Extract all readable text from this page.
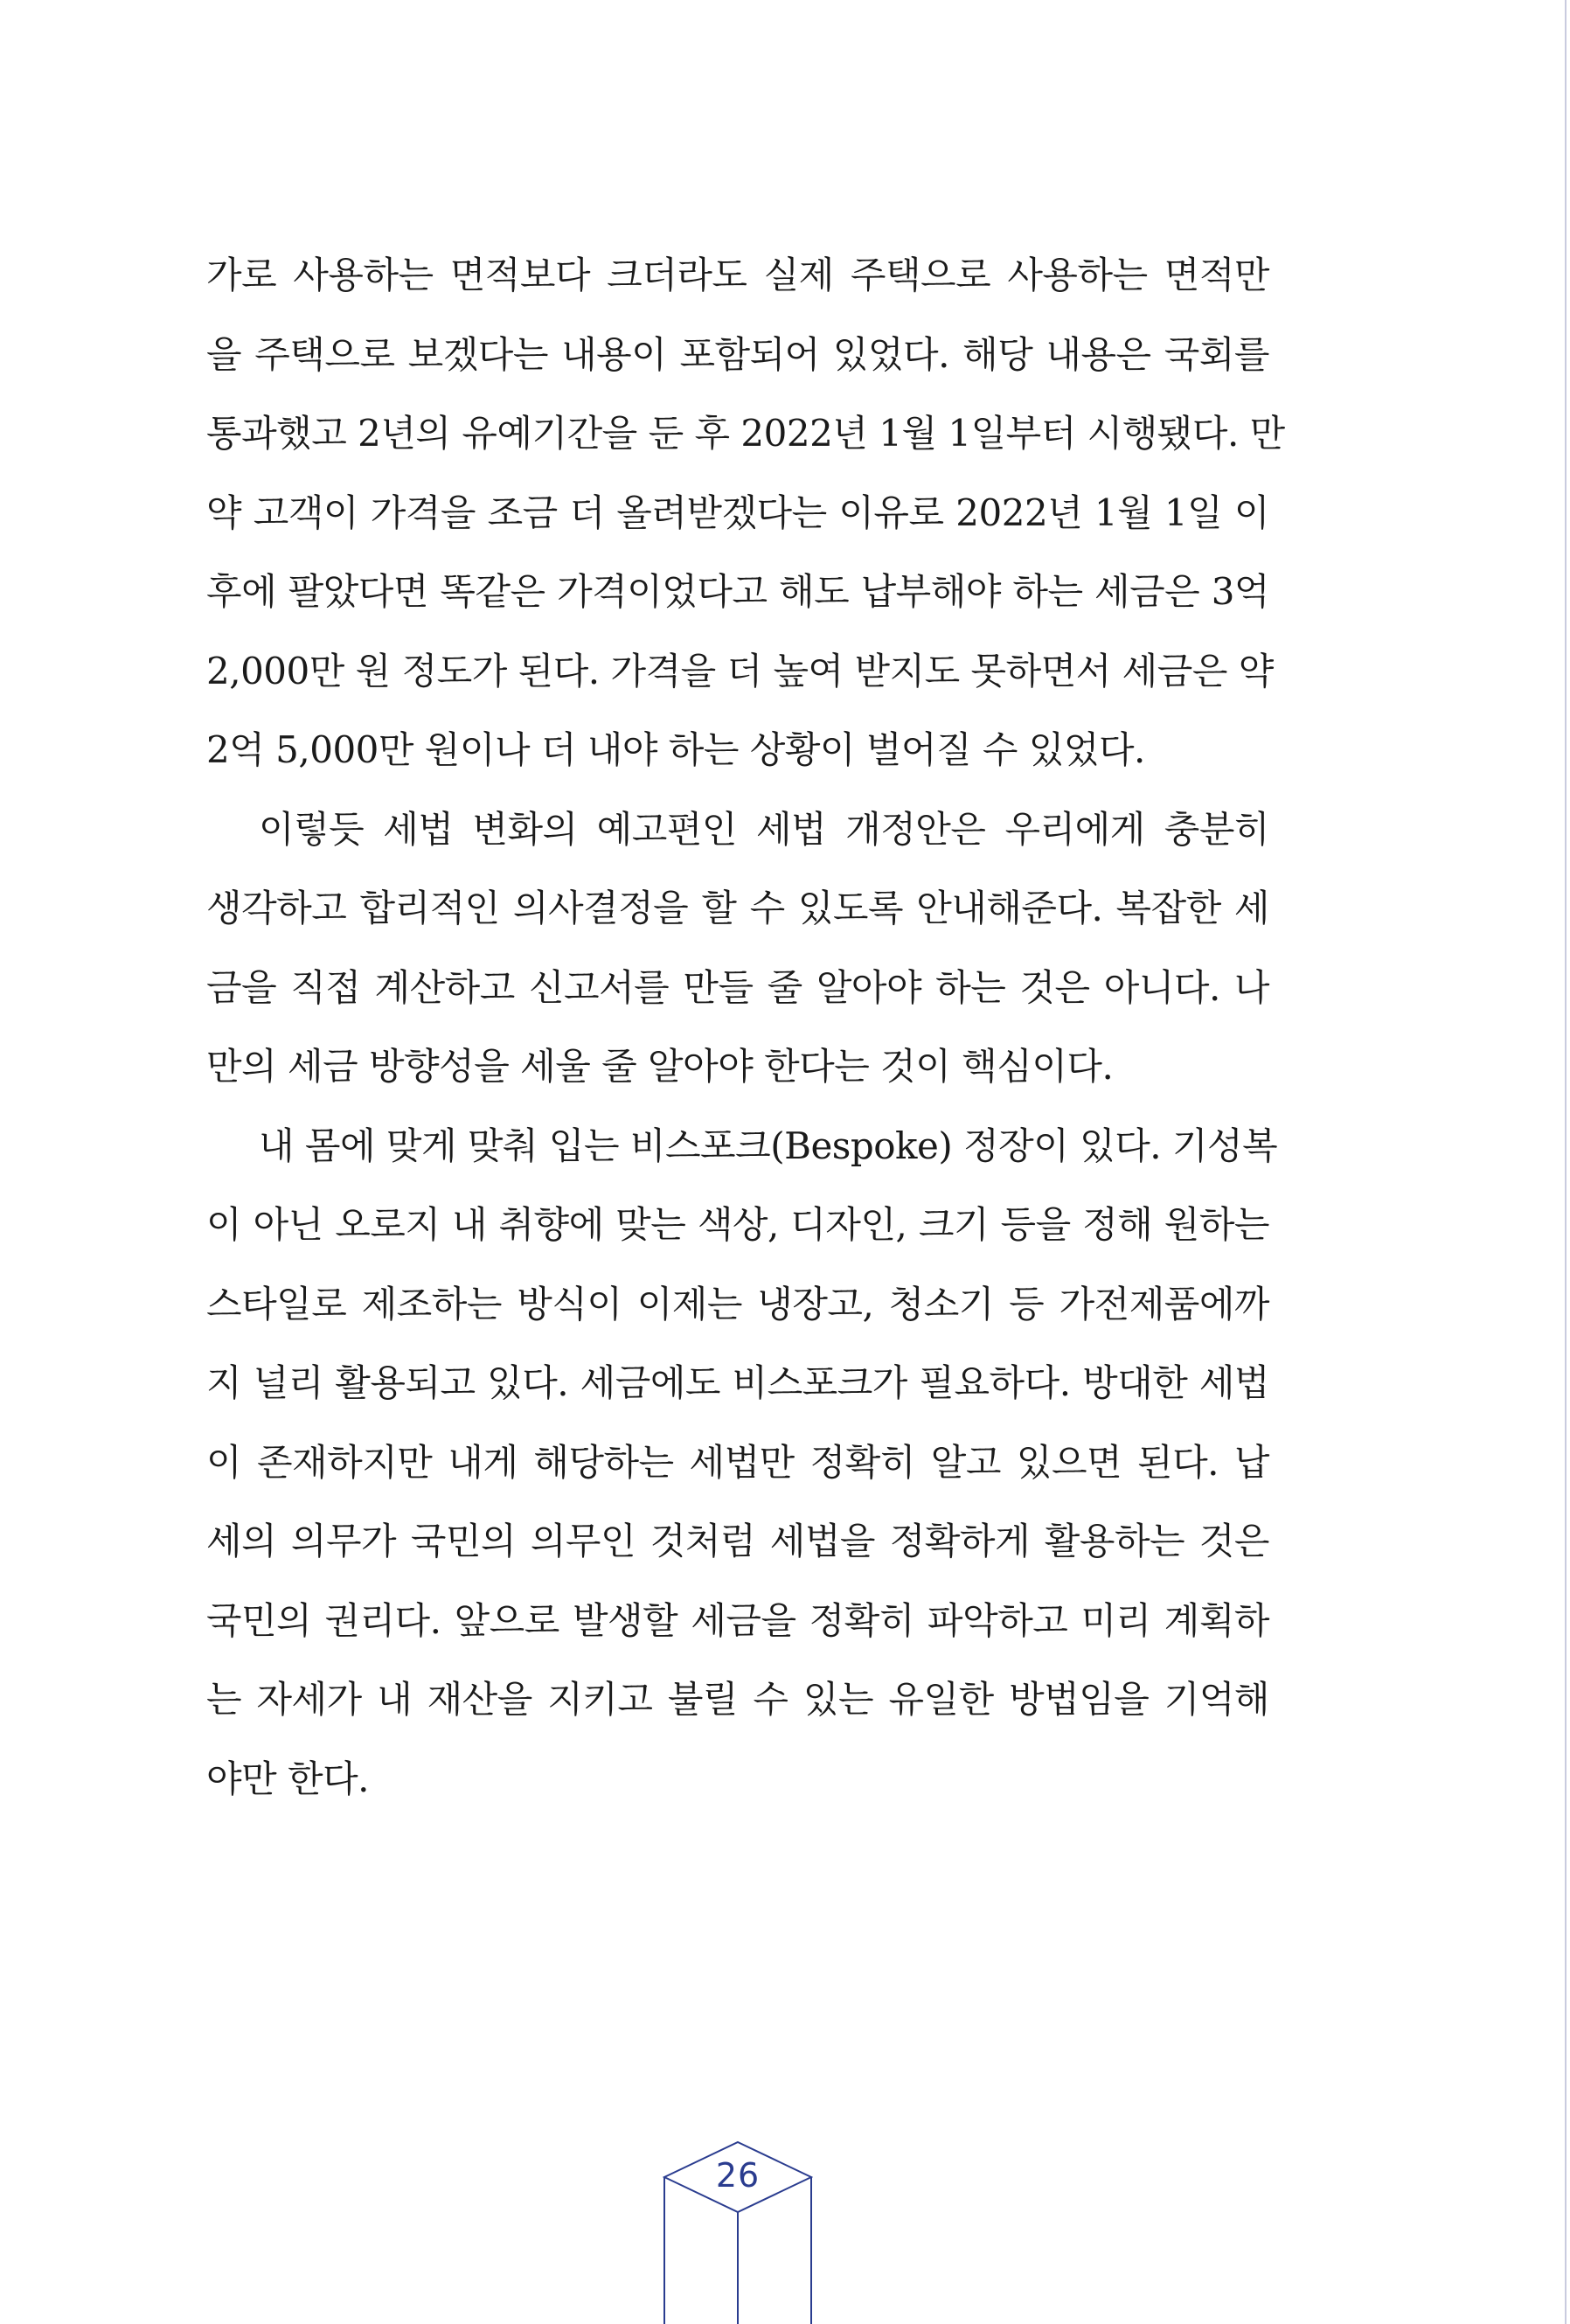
가로 사용하는 면적보다 크더라도 실제 주택으로 사용하는 면적만
을 주택으로 보겠다는 내용이 포함되어 있었다. 해당 내용은 국회를
통과했고 2년의 유예기간을 둔 후 2022년 1월 1일부터 시행됐다. 만
약 고객이 가격을 조금 더 올려받겠다는 이유로 2022년 1월 1일 이
후에 팔았다면 똑같은 가격이었다고 해도 납부해야 하는 세금은 3억
2,000만 원 정도가 된다. 가격을 더 높여 받지도 못하면서 세금은 약
2억 5,000만 원이나 더 내야 하는 상황이 벌어질 수 있었다.
이렇듯 세법 변화의 예고편인 세법 개정안은 우리에게 충분히
생각하고 합리적인 의사결정을 할 수 있도록 안내해준다. 복잡한 세
금을 직접 계산하고 신고서를 만들 줄 알아야 하는 것은 아니다. 나
만의 세금 방향성을 세울 줄 알아야 한다는 것이 핵심이다.
내 몸에 맞게 맞춰 입는 비스포크(Bespoke) 정장이 있다. 기성복
이 아닌 오로지 내 취향에 맞는 색상, 디자인, 크기 등을 정해 원하는
스타일로 제조하는 방식이 이제는 냉장고, 청소기 등 가전제품에까
지 널리 활용되고 있다. 세금에도 비스포크가 필요하다. 방대한 세법
이 존재하지만 내게 해당하는 세법만 정확히 알고 있으면 된다. 납
세의 의무가 국민의 의무인 것처럼 세법을 정확하게 활용하는 것은
국민의 권리다. 앞으로 발생할 세금을 정확히 파악하고 미리 계획하
는 자세가 내 재산을 지키고 불릴 수 있는 유일한 방법임을 기억해
야만 한다.
26
